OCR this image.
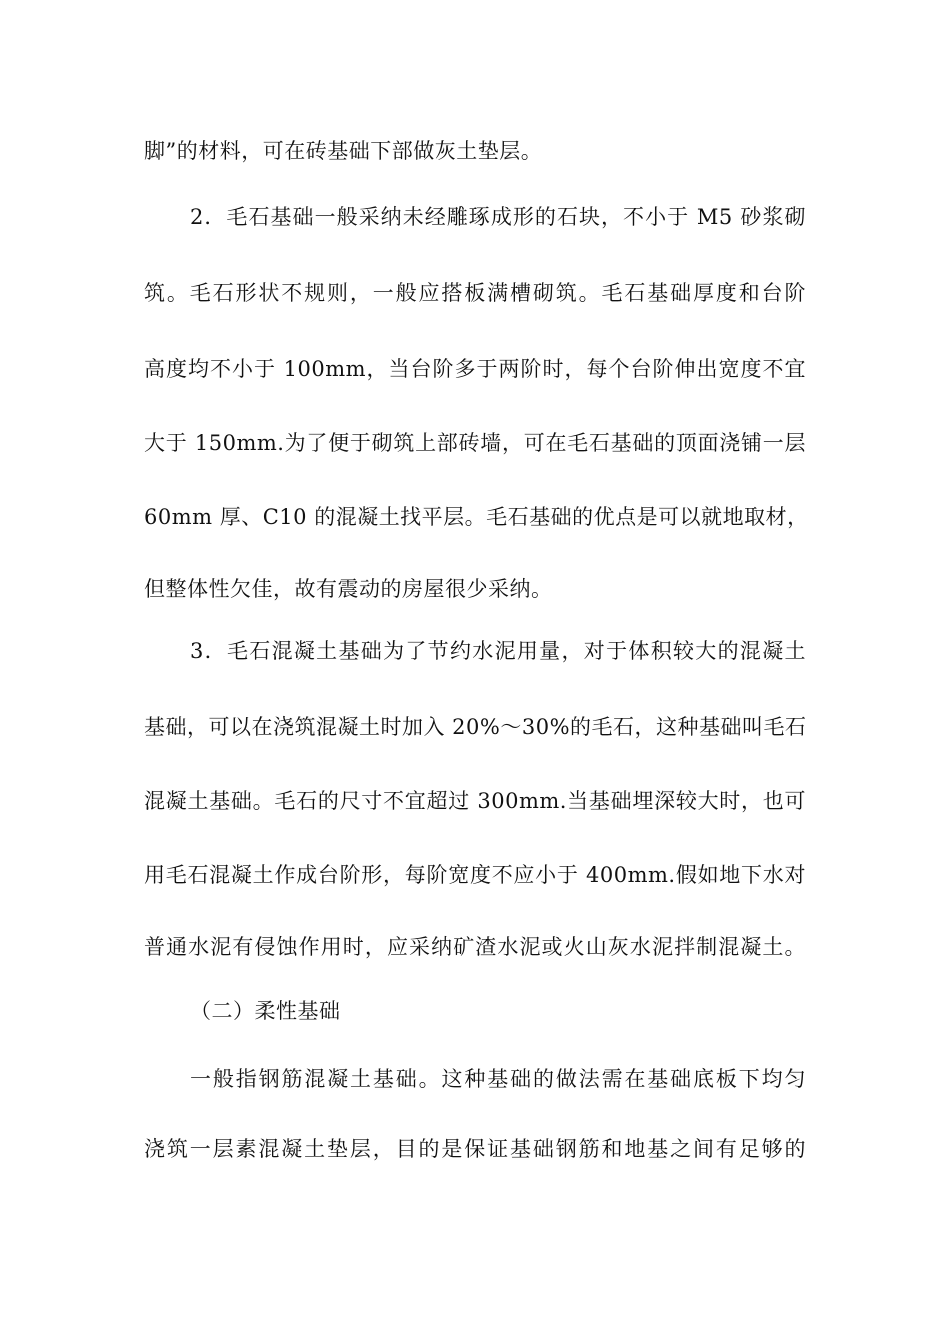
脚”的材料，可在砖基础下部做灰土垫层。
2．毛石基础一般采纳未经雕琢成形的石块，不小于 M5 砂浆砌
筑。毛石形状不规则，一般应搭板满槽砌筑。毛石基础厚度和台阶
高度均不小于 100mm，当台阶多于两阶时，每个台阶伸出宽度不宜
大于 150mm.为了便于砌筑上部砖墙，可在毛石基础的顶面浇铺一层
60mm 厚、C10 的混凝土找平层。毛石基础的优点是可以就地取材，
但整体性欠佳，故有震动的房屋很少采纳。
3．毛石混凝土基础为了节约水泥用量，对于体积较大的混凝土
基础，可以在浇筑混凝土时加入 20%～30%的毛石，这种基础叫毛石
混凝土基础。毛石的尺寸不宜超过 300mm.当基础埋深较大时，也可
用毛石混凝土作成台阶形，每阶宽度不应小于 400mm.假如地下水对
普通水泥有侵蚀作用时，应采纳矿渣水泥或火山灰水泥拌制混凝土。
（二）柔性基础
一般指钢筋混凝土基础。这种基础的做法需在基础底板下均匀
浇筑一层素混凝土垫层，目的是保证基础钢筋和地基之间有足够的
